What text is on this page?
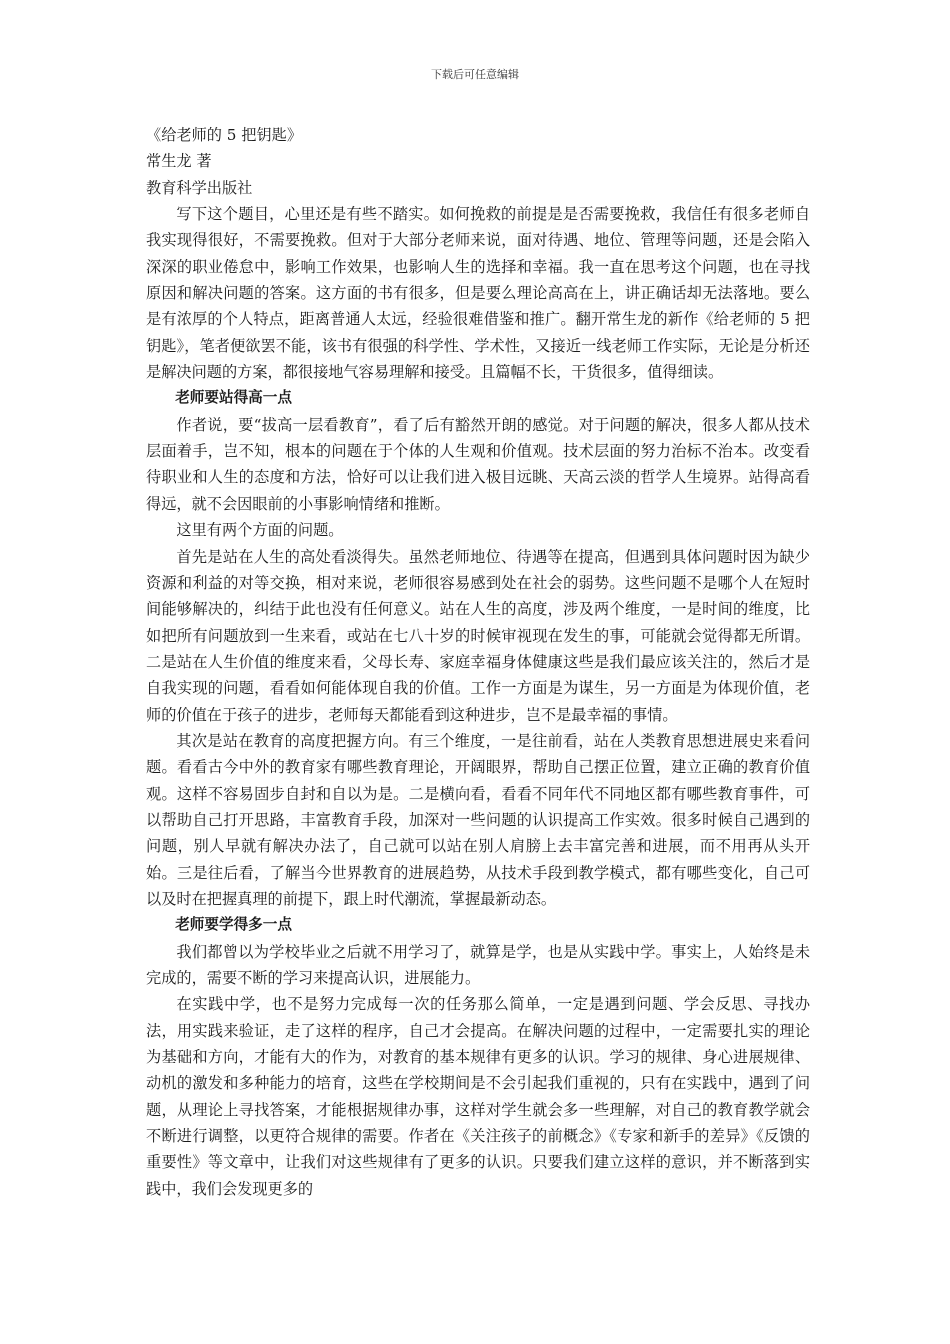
下载后可任意编辑
《给老师的 5 把钥匙》
常生龙 著
教育科学出版社

写下这个题目，心里还是有些不踏实。如何挽救的前提是是否需要挽救，我信任有很多老师自我实现得很好，不需要挽救。但对于大部分老师来说，面对待遇、地位、管理等问题，还是会陷入深深的职业倦怠中，影响工作效果，也影响人生的选择和幸福。我一直在思考这个问题，也在寻找原因和解决问题的答案。这方面的书有很多，但是要么理论高高在上，讲正确话却无法落地。要么是有浓厚的个人特点，距离普通人太远，经验很难借鉴和推广。翻开常生龙的新作《给老师的 5 把钥匙》，笔者便欲罢不能，该书有很强的科学性、学术性，又接近一线老师工作实际，无论是分析还是解决问题的方案，都很接地气容易理解和接受。且篇幅不长，干货很多，值得细读。

老师要站得高一点

作者说，要“拔高一层看教育”，看了后有豁然开朗的感觉。对于问题的解决，很多人都从技术层面着手，岂不知，根本的问题在于个体的人生观和价值观。技术层面的努力治标不治本。改变看待职业和人生的态度和方法，恰好可以让我们进入极目远眺、天高云淡的哲学人生境界。站得高看得远，就不会因眼前的小事影响情绪和推断。

这里有两个方面的问题。

首先是站在人生的高处看淡得失。虽然老师地位、待遇等在提高，但遇到具体问题时因为缺少资源和利益的对等交换，相对来说，老师很容易感到处在社会的弱势。这些问题不是哪个人在短时间能够解决的，纠结于此也没有任何意义。站在人生的高度，涉及两个维度，一是时间的维度，比如把所有问题放到一生来看，或站在七八十岁的时候审视现在发生的事，可能就会觉得都无所谓。二是站在人生价值的维度来看，父母长寿、家庭幸福身体健康这些是我们最应该关注的，然后才是自我实现的问题，看看如何能体现自我的价值。工作一方面是为谋生，另一方面是为体现价值，老师的价值在于孩子的进步，老师每天都能看到这种进步，岂不是最幸福的事情。

其次是站在教育的高度把握方向。有三个维度，一是往前看，站在人类教育思想进展史来看问题。看看古今中外的教育家有哪些教育理论，开阔眼界，帮助自己摆正位置，建立正确的教育价值观。这样不容易固步自封和自以为是。二是横向看，看看不同年代不同地区都有哪些教育事件，可以帮助自己打开思路，丰富教育手段，加深对一些问题的认识提高工作实效。很多时候自己遇到的问题，别人早就有解决办法了，自己就可以站在别人肩膀上去丰富完善和进展，而不用再从头开始。三是往后看，了解当今世界教育的进展趋势，从技术手段到教学模式，都有哪些变化，自己可以及时在把握真理的前提下，跟上时代潮流，掌握最新动态。

老师要学得多一点

我们都曾以为学校毕业之后就不用学习了，就算是学，也是从实践中学。事实上，人始终是未完成的，需要不断的学习来提高认识，进展能力。

在实践中学，也不是努力完成每一次的任务那么简单，一定是遇到问题、学会反思、寻找办法，用实践来验证，走了这样的程序，自己才会提高。在解决问题的过程中，一定需要扎实的理论为基础和方向，才能有大的作为，对教育的基本规律有更多的认识。学习的规律、身心进展规律、动机的激发和多种能力的培育，这些在学校期间是不会引起我们重视的，只有在实践中，遇到了问题，从理论上寻找答案，才能根据规律办事，这样对学生就会多一些理解，对自己的教育教学就会不断进行调整，以更符合规律的需要。作者在《关注孩子的前概念》《专家和新手的差异》《反馈的重要性》等文章中，让我们对这些规律有了更多的认识。只要我们建立这样的意识，并不断落到实践中，我们会发现更多的
